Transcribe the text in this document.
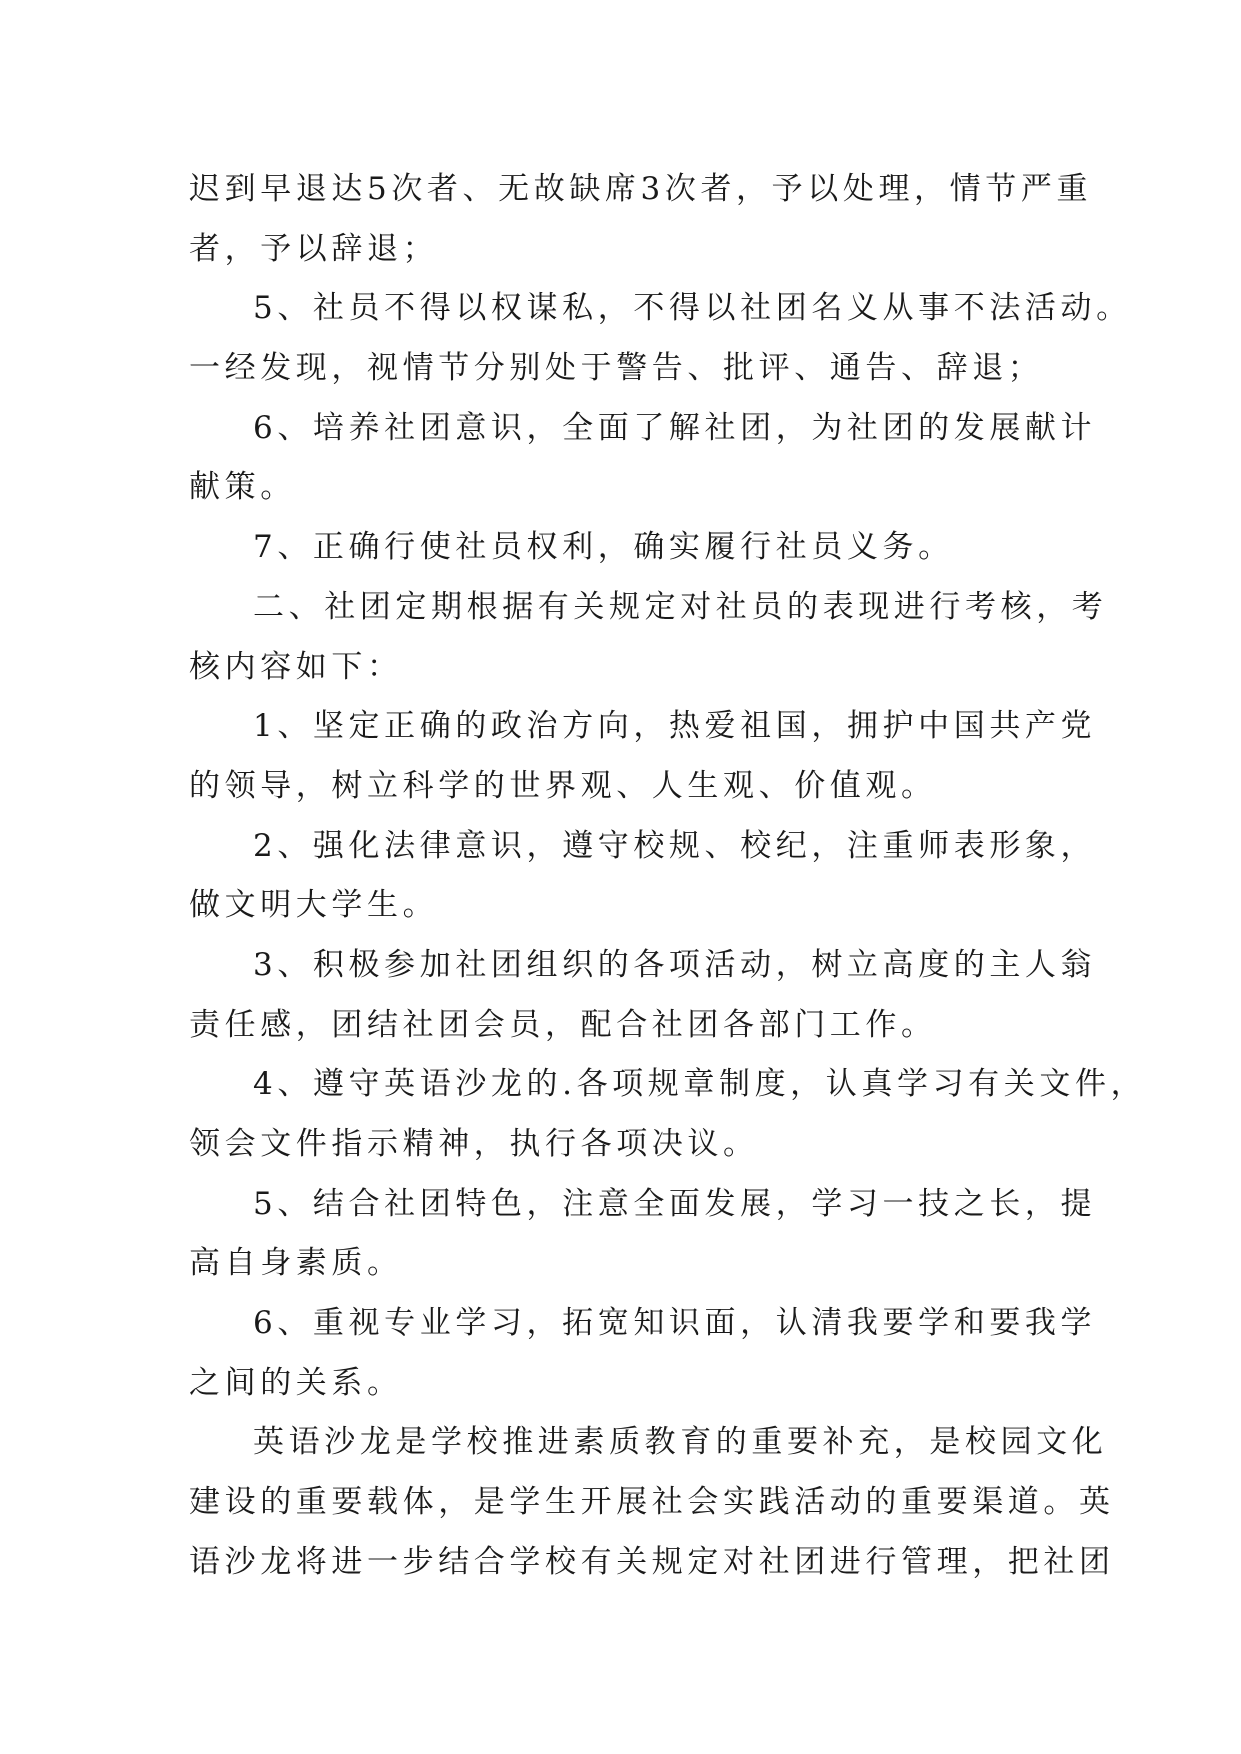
迟到早退达5次者、无故缺席3次者，予以处理，情节严重
者，予以辞退；
5、社员不得以权谋私，不得以社团名义从事不法活动。
一经发现，视情节分别处于警告、批评、通告、辞退；
6、培养社团意识，全面了解社团，为社团的发展献计
献策。
7、正确行使社员权利，确实履行社员义务。
二、社团定期根据有关规定对社员的表现进行考核，考
核内容如下：
1、坚定正确的政治方向，热爱祖国，拥护中国共产党
的领导，树立科学的世界观、人生观、价值观。
2、强化法律意识，遵守校规、校纪，注重师表形象，
做文明大学生。
3、积极参加社团组织的各项活动，树立高度的主人翁
责任感，团结社团会员，配合社团各部门工作。
4、遵守英语沙龙的.各项规章制度，认真学习有关文件，
领会文件指示精神，执行各项决议。
5、结合社团特色，注意全面发展，学习一技之长，提
高自身素质。
6、重视专业学习，拓宽知识面，认清我要学和要我学
之间的关系。
英语沙龙是学校推进素质教育的重要补充，是校园文化
建设的重要载体，是学生开展社会实践活动的重要渠道。英
语沙龙将进一步结合学校有关规定对社团进行管理，把社团
